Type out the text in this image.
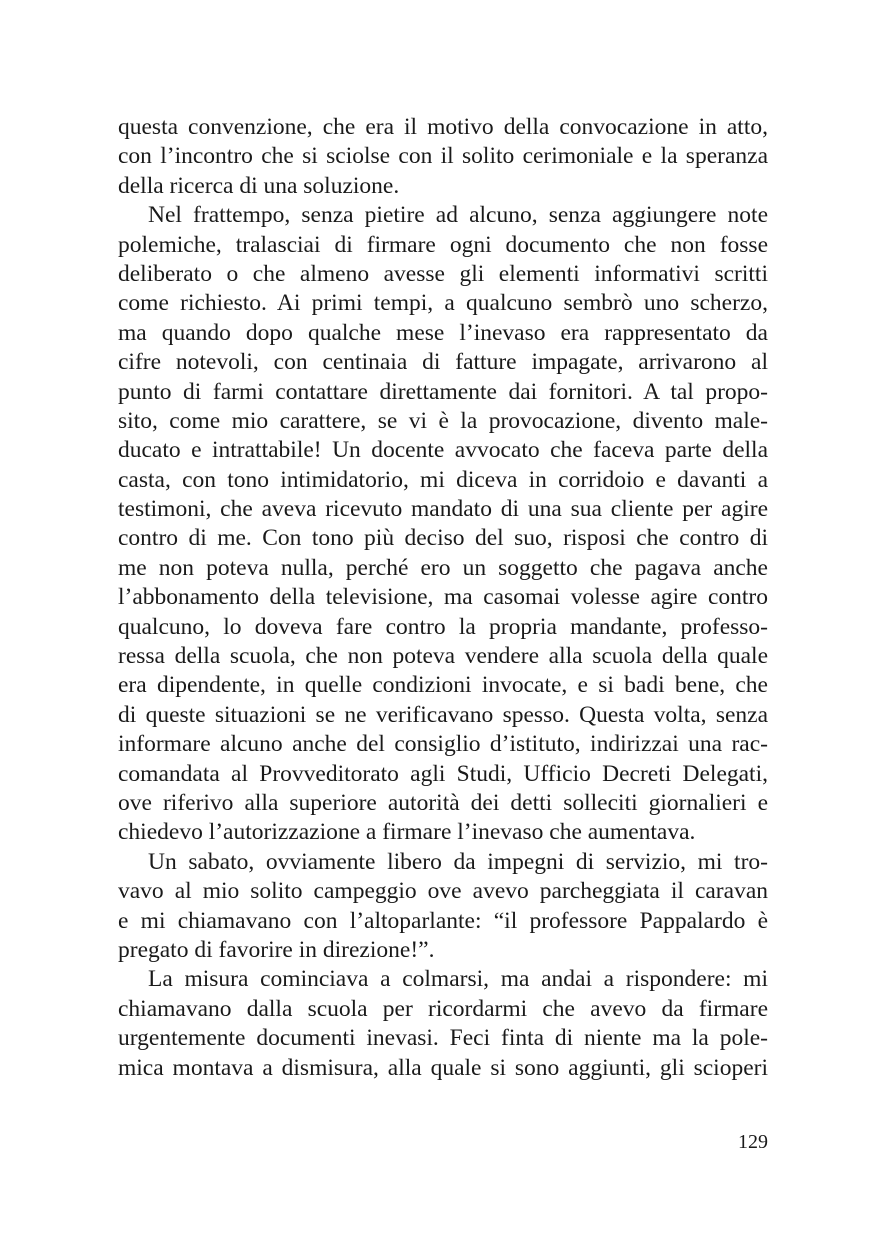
questa convenzione, che era il motivo della convocazione in atto,
con l’incontro che si sciolse con il solito cerimoniale e la speranza
della ricerca di una soluzione.
Nel frattempo, senza pietire ad alcuno, senza aggiungere note
polemiche, tralasciai di firmare ogni documento che non fosse
deliberato o che almeno avesse gli elementi informativi scritti
come richiesto. Ai primi tempi, a qualcuno sembrò uno scherzo,
ma quando dopo qualche mese l’inevaso era rappresentato da
cifre notevoli, con centinaia di fatture impagate, arrivarono al
punto di farmi contattare direttamente dai fornitori. A tal propo-
sito, come mio carattere, se vi è la provocazione, divento male-
ducato e intrattabile! Un docente avvocato che faceva parte della
casta, con tono intimidatorio, mi diceva in corridoio e davanti a
testimoni, che aveva ricevuto mandato di una sua cliente per agire
contro di me. Con tono più deciso del suo, risposi che contro di
me non poteva nulla, perché ero un soggetto che pagava anche
l’abbonamento della televisione, ma casomai volesse agire contro
qualcuno, lo doveva fare contro la propria mandante, professo-
ressa della scuola, che non poteva vendere alla scuola della quale
era dipendente, in quelle condizioni invocate, e si badi bene, che
di queste situazioni se ne verificavano spesso. Questa volta, senza
informare alcuno anche del consiglio d’istituto, indirizzai una rac-
comandata al Provveditorato agli Studi, Ufficio Decreti Delegati,
ove riferivo alla superiore autorità dei detti solleciti giornalieri e
chiedevo l’autorizzazione a firmare l’inevaso che aumentava.
Un sabato, ovviamente libero da impegni di servizio, mi tro-
vavo al mio solito campeggio ove avevo parcheggiata il caravan
e mi chiamavano con l’altoparlante: “il professore Pappalardo è
pregato di favorire in direzione!”.
La misura cominciava a colmarsi, ma andai a rispondere: mi
chiamavano dalla scuola per ricordarmi che avevo da firmare
urgentemente documenti inevasi. Feci finta di niente ma la pole-
mica montava a dismisura, alla quale si sono aggiunti, gli scioperi
129
